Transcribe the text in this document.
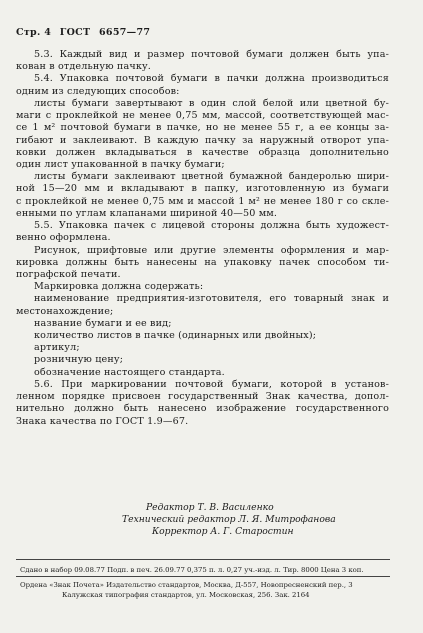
Стр. 4 ГОСТ 6657—77
5.3. Каждый вид и размер почтовой бумаги должен быть упа-
кован в отдельную пачку.
5.4. Упаковка почтовой бумаги в пачки должна производиться
одним из следующих способов:
листы бумаги завертывают в один слой белой или цветной бу-
маги с проклейкой не менее 0,75 мм, массой, соответствующей мас-
се 1 м² почтовой бумаги в пачке, но не менее 55 г, а ее концы за-
гибают и заклеивают. В каждую пачку за наружный отворот упа-
ковки должен вкладываться в качестве образца дополнительно
один лист упакованной в пачку бумаги;
листы бумаги заклеивают цветной бумажной бандеролью шири-
ной 15—20 мм и вкладывают в папку, изготовленную из бумаги
с проклейкой не менее 0,75 мм и массой 1 м² не менее 180 г со скле-
енными по углам клапанами шириной 40—50 мм.
5.5. Упаковка пачек с лицевой стороны должна быть художест-
венно оформлена.
Рисунок, шрифтовые или другие элементы оформления и мар-
кировка должны быть нанесены на упаковку пачек способом ти-
пографской печати.
Маркировка должна содержать:
наименование предприятия-изготовителя, его товарный знак и
местонахождение;
название бумаги и ее вид;
количество листов в пачке (одинарных или двойных);
артикул;
розничную цену;
обозначение настоящего стандарта.
5.6. При маркировании почтовой бумаги, которой в установ-
ленном порядке присвоен государственный Знак качества, допол-
нительно должно быть нанесено изображение государственного
Знака качества по ГОСТ 1.9—67.
Редактор Т. В. Василенко
Технический редактор Л. Я. Митрофанова
Корректор А. Г. Старостин
Сдано в набор 09.08.77 Подп. в печ. 26.09.77 0,375 п. л. 0,27 уч.-изд. л. Тир. 8000 Цена 3 коп.
Ордена «Знак Почета» Издательство стандартов, Москва, Д-557, Новопресненский пер., 3
Калужская типография стандартов, ул. Московская, 256. Зак. 2164
